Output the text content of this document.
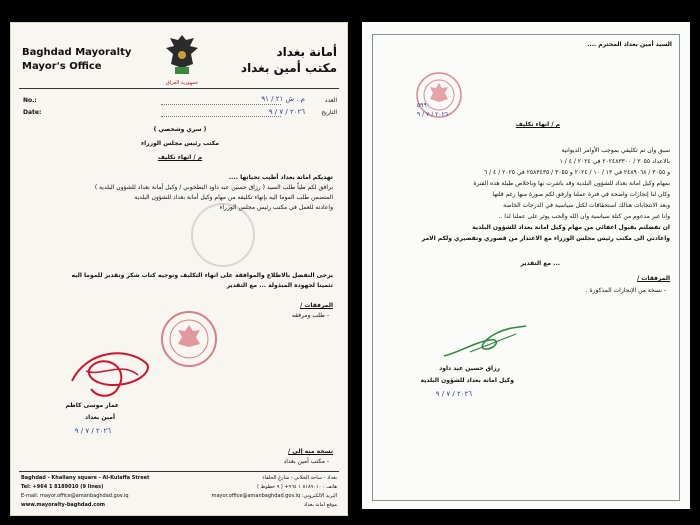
Baghdad Mayoralty
Mayor's Office
جمهورية العراق
أمانة بغداد
مكتب أمين بغداد
No.:
Date:
العدد
التاريخ
م . ش ٢١ / ٩١
٢٠٢٦ / ٧ / ٩
( سري وشخصي )
مكتب رئيس مجلس الوزراء
م / انهاء تكليف
تهديكم امانة بغداد أطيب تحياتها ....
نرافق لكم طياً طلب السيد ( رزاق حسين عبد داود البطخوبي / وكيل أمانة بغداد للشؤون البلدية )
المتضمن طلب الموما اليه بإنهاء تكليفه من مهام وكيل أمانة بغداد للشؤون البلدية
واعادته للعمل في مكتب رئيس مجلس الوزراء
يرجى التفضل بالاطلاع والموافقة على انهاء التكليف وتوجيه كتاب شكر وتقدير للموما اليه
تثمينا لجهوده المبذولة ... مع التقدير
المرفقات /
- طلب ومرفقه
عمار موسى كاظم
أمين بغداد
٢٠٢٦ / ٧ / ٩
نسخة منه إلى /
- مكتب أمين بغداد
Baghdad - Khallany square - Al-Kulaffa Street
Tel: +964 1 8189010 (9 lines)
E-mail: mayor.office@amanbaghdad.gov.iq
www.mayoralty-baghdad.com
بغداد - ساحة الخلاني - شارع الخلفاء
هاتف : ٨١٨٩٠١٠ ١ ٩٦٤+ ( ٩ خطوط )
البريد الالكتروني: mayor.office@amanbaghdad.gov.iq
موقع امانة بغداد
السيد أمين بغداد المحترم ....
٥٩٩
٢٠٢٦ / ٧ / ٩
م / انهاء تكليف
سبق وان تم تكليفي بموجب الأوامر الديوانية
بالاعداد ٣٠٥٥ / ٢٠٢٤٨٣٣٠٠ في ٢٠٢٤ / ٤ / ١
و ٣٠٥٥ / ٢٤٨٩٠٦٨ في ١٣ / ١٠ / ٢٠٢٤ و ٣٠٥٥ / ٢٥٨٣٤٣٥ في ٢٠٢٥ / ٤ / ٦
بمهام وكيل امانة بغداد للشؤون البلدية وقد باشرت بها وباخلاص طيلة هذه الفترة
وكان لنا إنجازات واضحة في فترة عملنا وارفق لكم صورة منها رغم قلتها
وبعد الانتخابات هنالك استحقاقات لكتل سياسية في الدرجات الخاصة
وانا غير مدعوم من كتلة سياسية وان الله والحب يوثر على عملنا لذا ..
ان تفضلتم بقبول اعفائي من مهام وكيل امانة بغداد للشؤون البلدية
واعادتي الى مكتب رئيس مجلس الوزراء مع الاعتذار من قصوري وتقصيري ولكم الامر
... مع التقدير
المرفقات /
- نسخة من الإنجازات المذكورة .
رزاق حسين عبد داود
وكيل امانة بغداد للشؤون البلدية
٢٠٢٦ / ٧ / ٩
